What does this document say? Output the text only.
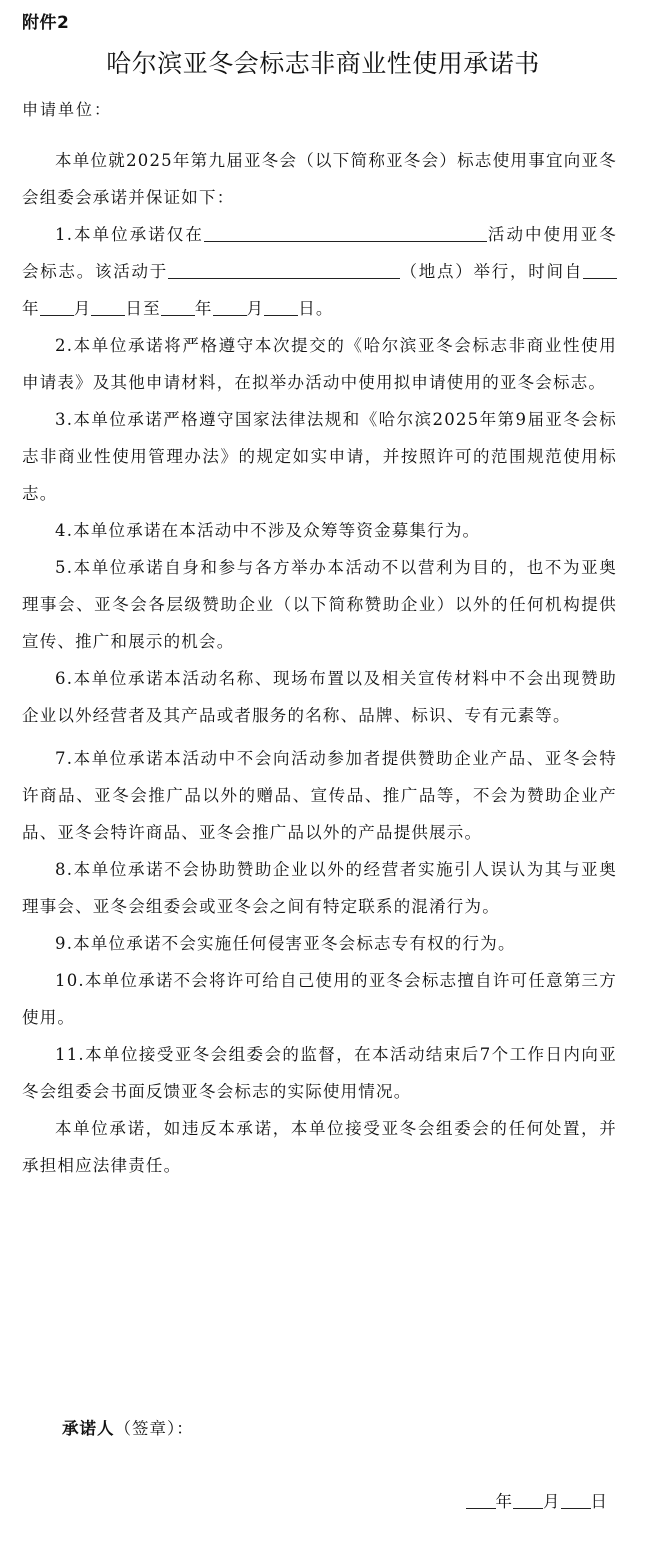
附件2
哈尔滨亚冬会标志非商业性使用承诺书
申请单位：

本单位就2025年第九届亚冬会（以下简称亚冬会）标志使用事宜向亚冬会组委会承诺并保证如下：

1.本单位承诺仅在	活动中使用亚冬会标志。该活动于	（地点）举行，时间自年 月 日至 年 月 日。

2.本单位承诺将严格遵守本次提交的《哈尔滨亚冬会标志非商业性使用申请表》及其他申请材料，在拟举办活动中使用拟申请使用的亚冬会标志。

3.本单位承诺严格遵守国家法律法规和《哈尔滨2025年第9届亚冬会标志非商业性使用管理办法》的规定如实申请，并按照许可的范围规范使用标志。

4.本单位承诺在本活动中不涉及众筹等资金募集行为。

5.本单位承诺自身和参与各方举办本活动不以营利为目的，也不为亚奥理事会、亚冬会各层级赞助企业（以下简称赞助企业）以外的任何机构提供宣传、推广和展示的机会。

6.本单位承诺本活动名称、现场布置以及相关宣传材料中不会出现赞助企业以外经营者及其产品或者服务的名称、品牌、标识、专有元素等。

7.本单位承诺本活动中不会向活动参加者提供赞助企业产品、亚冬会特许商品、亚冬会推广品以外的赠品、宣传品、推广品等，不会为赞助企业产品、亚冬会特许商品、亚冬会推广品以外的产品提供展示。

8.本单位承诺不会协助赞助企业以外的经营者实施引人误认为其与亚奥理事会、亚冬会组委会或亚冬会之间有特定联系的混淆行为。

9.本单位承诺不会实施任何侵害亚冬会标志专有权的行为。

10.本单位承诺不会将许可给自己使用的亚冬会标志擅自许可任意第三方使用。

11.本单位接受亚冬会组委会的监督，在本活动结束后7个工作日内向亚冬会组委会书面反馈亚冬会标志的实际使用情况。

本单位承诺，如违反本承诺，本单位接受亚冬会组委会的任何处置，并承担相应法律责任。

承诺人（签章）：
年 月 日
